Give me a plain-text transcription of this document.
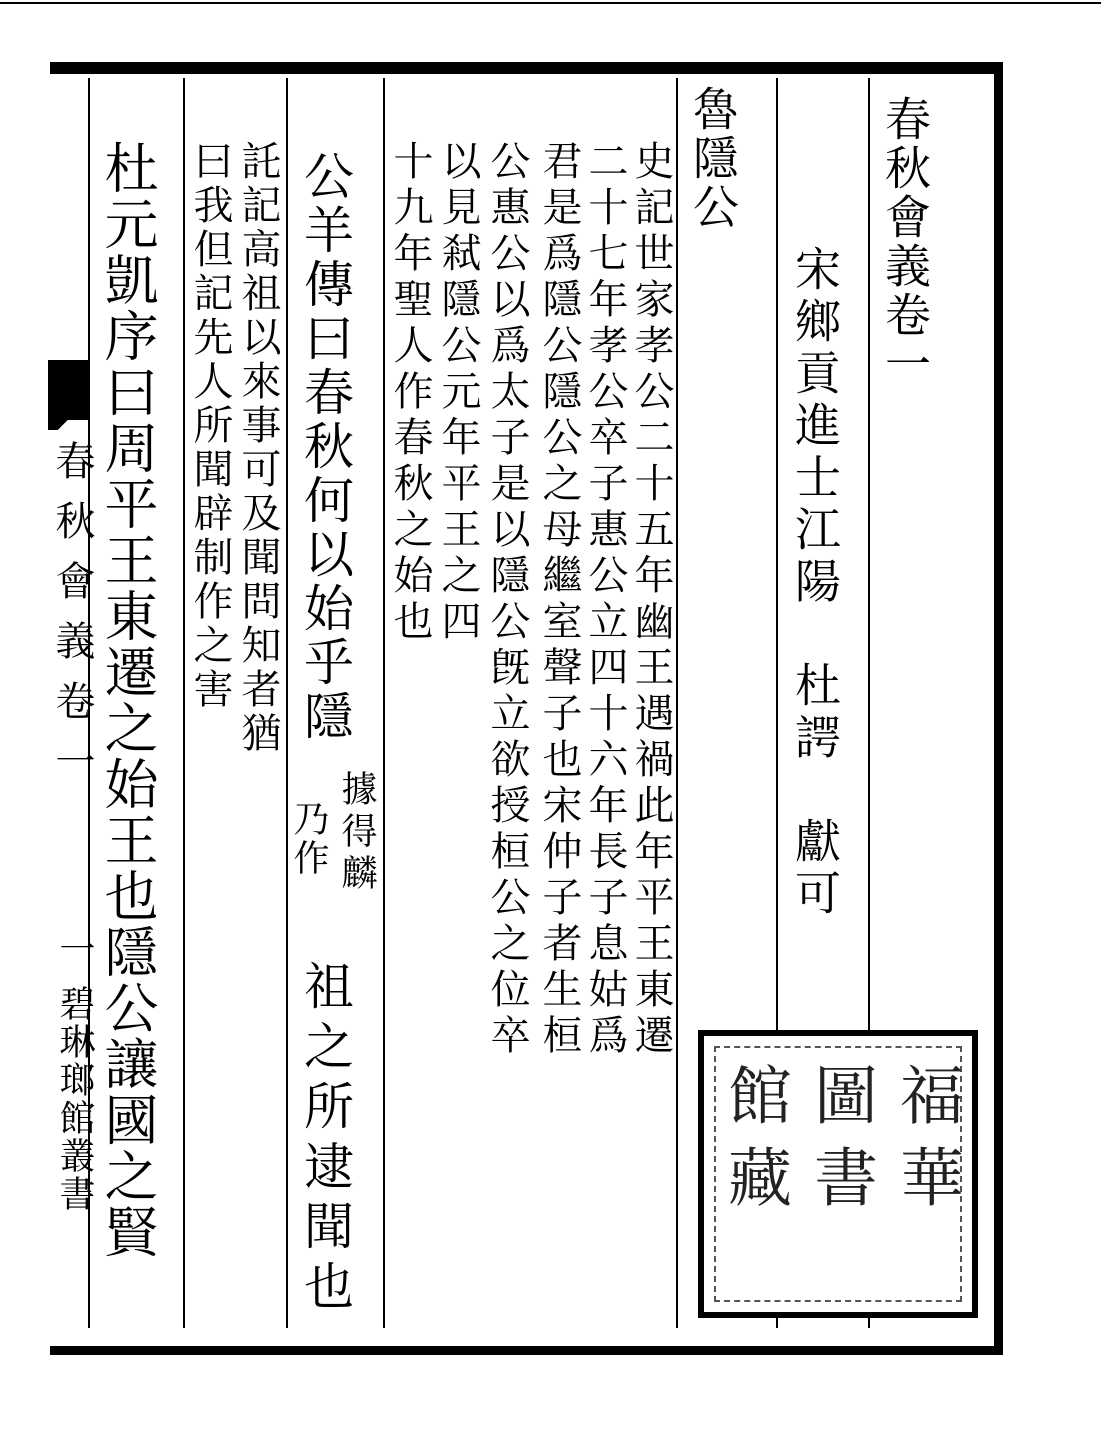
春秋會義卷一
宋鄉貢進士江陽　杜諤　獻可
魯隱公
史記世家孝公二十五年幽王遇禍此年平王東遷
二十七年孝公卒子惠公立四十六年長子息姑爲
君是爲隱公隱公之母繼室聲子也宋仲子者生桓
公惠公以爲太子是以隱公旣立欲授桓公之位卒
以見弒隱公元年平王之四
十九年聖人作春秋之始也
公羊傳曰春秋何以始乎隱
據得麟
乃作
祖之所逮聞也
託記高祖以來事可及聞問知者猶
曰我但記先人所聞辟制作之害
杜元凱序曰周平王東遷之始王也隱公讓國之賢
春秋會義卷一
一
碧琳瑯館叢書	福華
圖書
館藏
